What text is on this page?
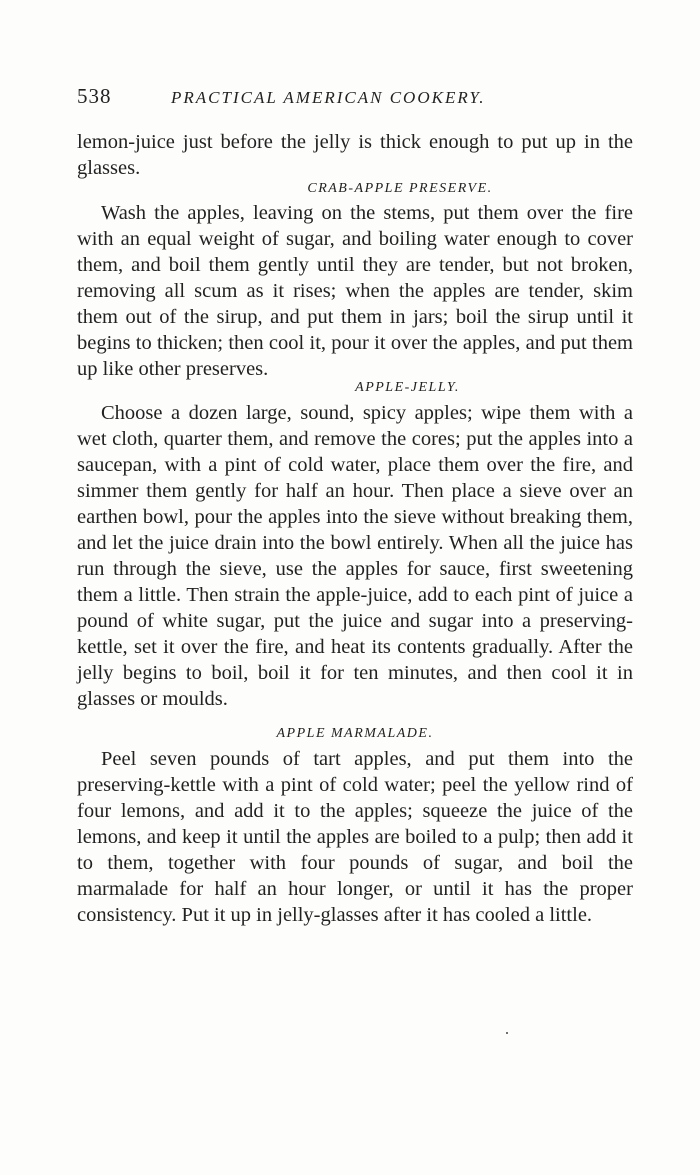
538	PRACTICAL AMERICAN COOKERY.

lemon-juice just before the jelly is thick enough to put up in the glasses.

CRAB-APPLE PRESERVE.

Wash the apples, leaving on the stems, put them over the fire with an equal weight of sugar, and boiling water enough to cover them, and boil them gently until they are tender, but not broken, removing all scum as it rises; when the apples are tender, skim them out of the sirup, and put them in jars; boil the sirup until it begins to thicken; then cool it, pour it over the apples, and put them up like other preserves.

APPLE-JELLY.

Choose a dozen large, sound, spicy apples; wipe them with a wet cloth, quarter them, and remove the cores; put the apples into a saucepan, with a pint of cold water, place them over the fire, and simmer them gently for half an hour. Then place a sieve over an earthen bowl, pour the apples into the sieve without breaking them, and let the juice drain into the bowl entirely. When all the juice has run through the sieve, use the apples for sauce, first sweetening them a little. Then strain the apple-juice, add to each pint of juice a pound of white sugar, put the juice and sugar into a preserving-kettle, set it over the fire, and heat its contents gradually. After the jelly begins to boil, boil it for ten minutes, and then cool it in glasses or moulds.

APPLE MARMALADE.

Peel seven pounds of tart apples, and put them into the preserving-kettle with a pint of cold water; peel the yellow rind of four lemons, and add it to the apples; squeeze the juice of the lemons, and keep it until the apples are boiled to a pulp; then add it to them, together with four pounds of sugar, and boil the marmalade for half an hour longer, or until it has the proper consistency. Put it up in jelly-glasses after it has cooled a little.
